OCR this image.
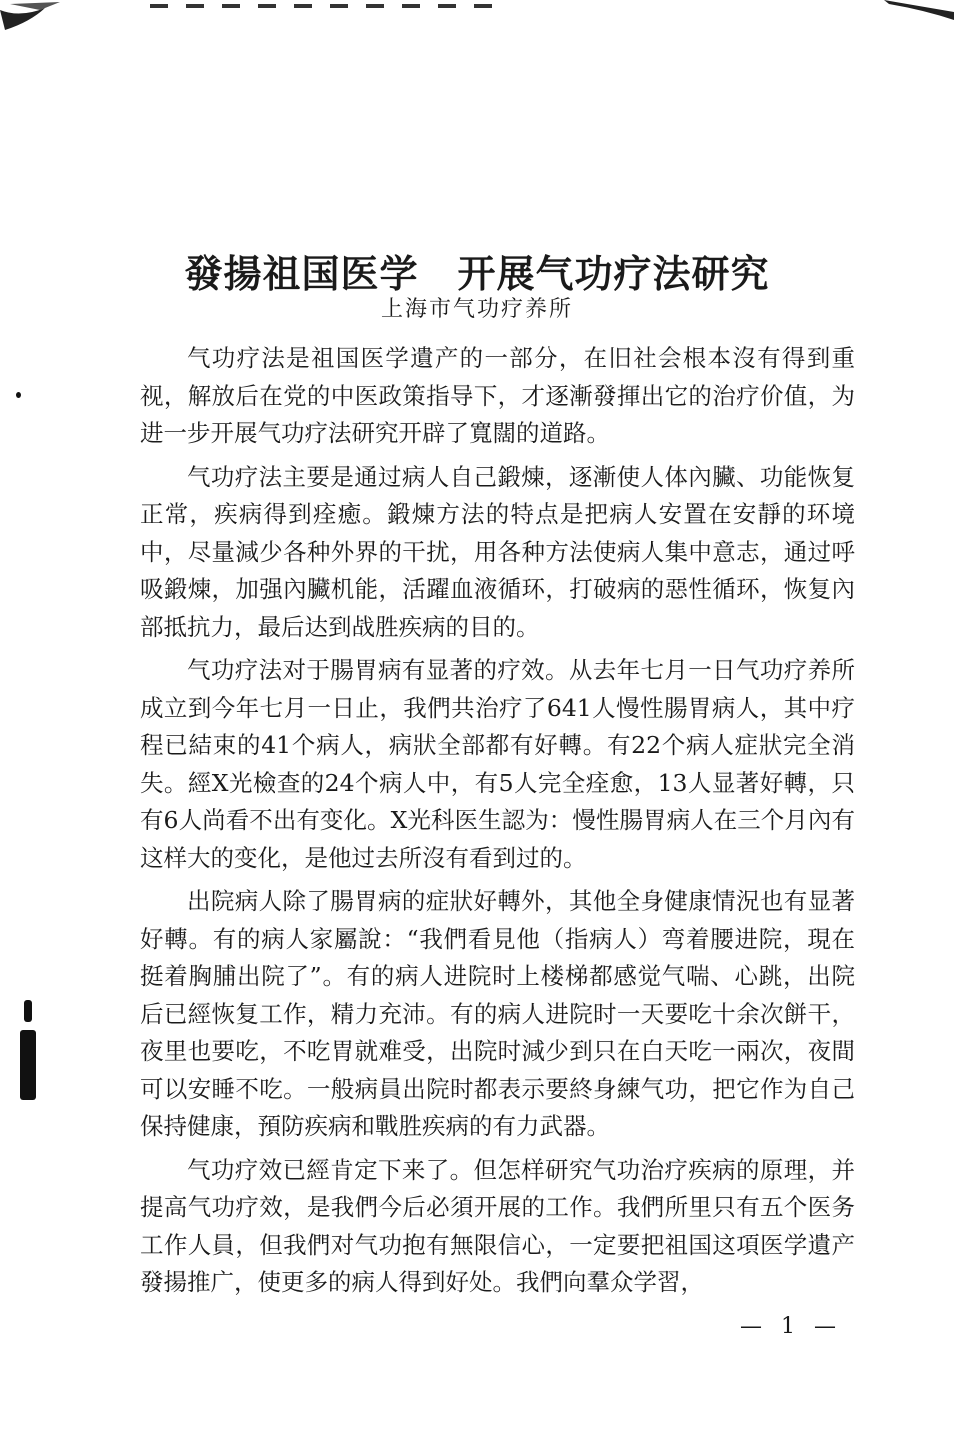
發揚祖国医学　开展气功疗法研究
上海市气功疗养所

气功疗法是祖国医学遺产的一部分，在旧社会根本沒有得到重视，解放后在党的中医政策指导下，才逐漸發揮出它的治疗价值，为进一步开展气功疗法研究开辟了寬闊的道路。

气功疗法主要是通过病人自己鍛煉，逐漸使人体內臟、功能恢复正常，疾病得到痊癒。鍛煉方法的特点是把病人安置在安靜的环境中，尽量減少各种外界的干扰，用各种方法使病人集中意志，通过呼吸鍛煉，加强內臟机能，活躍血液循环，打破病的惡性循环，恢复內部抵抗力，最后达到战胜疾病的目的。

气功疗法对于腸胃病有显著的疗效。从去年七月一日气功疗养所成立到今年七月一日止，我們共治疗了641人慢性腸胃病人，其中疗程已結束的41个病人，病狀全部都有好轉。有22个病人症狀完全消失。經X光檢查的24个病人中，有5人完全痊愈，13人显著好轉，只有6人尚看不出有变化。X光科医生認为：慢性腸胃病人在三个月內有这样大的变化，是他过去所沒有看到过的。

出院病人除了腸胃病的症狀好轉外，其他全身健康情況也有显著好轉。有的病人家屬說：“我們看見他（指病人）弯着腰进院，現在挺着胸脯出院了”。有的病人进院时上楼梯都感觉气喘、心跳，出院后已經恢复工作，精力充沛。有的病人进院时一天要吃十余次餅干，夜里也要吃，不吃胃就难受，出院时減少到只在白天吃一兩次，夜間可以安睡不吃。一般病員出院时都表示要終身練气功，把它作为自己保持健康，預防疾病和戰胜疾病的有力武器。

气功疗效已經肯定下来了。但怎样研究气功治疗疾病的原理，并提高气功疗效，是我們今后必須开展的工作。我們所里只有五个医务工作人員，但我們对气功抱有無限信心，一定要把祖国这項医学遺产發揚推广，使更多的病人得到好处。我們向羣众学習，

— 1 —
